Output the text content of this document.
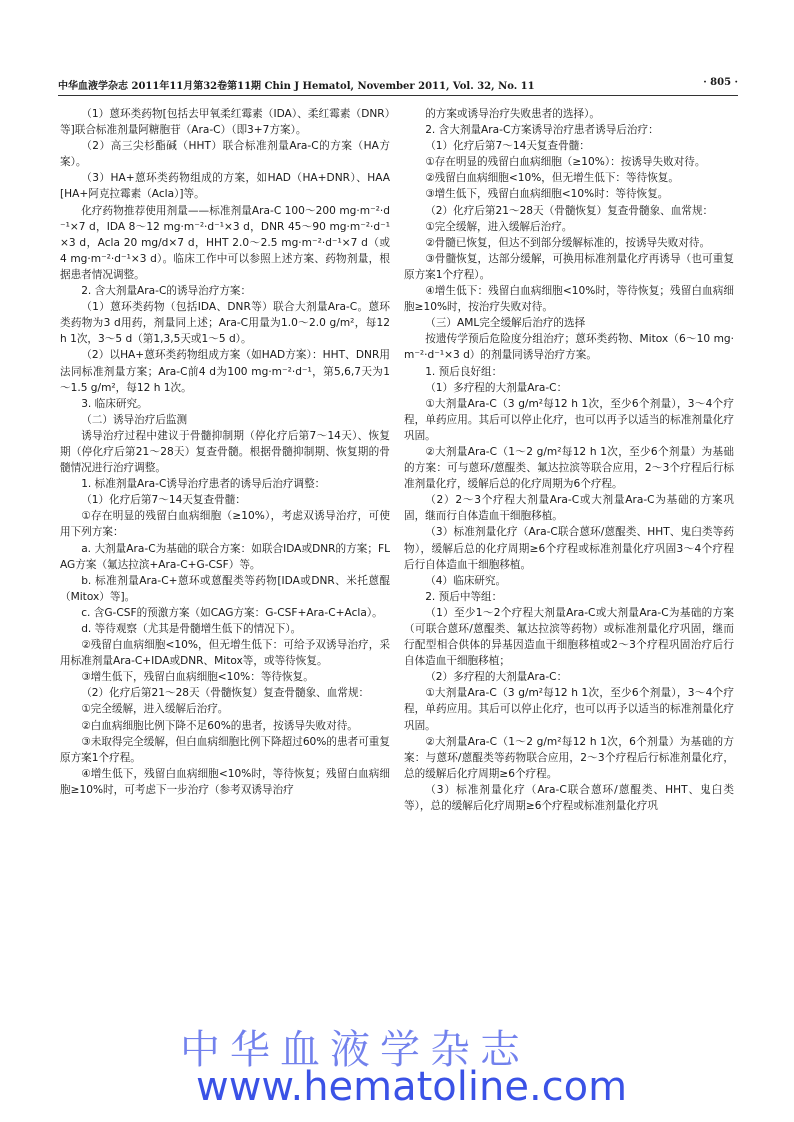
中华血液学杂志 2011年11月第32卷第11期 Chin J Hematol, November 2011, Vol. 32, No. 11	· 805 ·

（1）蒽环类药物[包括去甲氧柔红霉素（IDA）、柔红霉素（DNR）等]联合标准剂量阿糖胞苷（Ara-C）（即3+7方案）。

（2）高三尖杉酯碱（HHT）联合标准剂量Ara-C的方案（HA方案）。

（3）HA+蒽环类药物组成的方案，如HAD（HA+DNR）、HAA[HA+阿克拉霉素（Acla）]等。

化疗药物推荐使用剂量——标准剂量Ara-C 100～200 mg·m⁻²·d⁻¹×7 d，IDA 8～12 mg·m⁻²·d⁻¹×3 d，DNR 45～90 mg·m⁻²·d⁻¹×3 d，Acla 20 mg/d×7 d，HHT 2.0～2.5 mg·m⁻²·d⁻¹×7 d（或4 mg·m⁻²·d⁻¹×3 d）。临床工作中可以参照上述方案、药物剂量，根据患者情况调整。

2. 含大剂量Ara-C的诱导治疗方案：

（1）蒽环类药物（包括IDA、DNR等）联合大剂量Ara-C。蒽环类药物为3 d用药，剂量同上述；Ara-C用量为1.0～2.0 g/m²，每12 h 1次，3～5 d（第1,3,5天或1～5 d）。

（2）以HA+蒽环类药物组成方案（如HAD方案）：HHT、DNR用法同标准剂量方案；Ara-C前4 d为100 mg·m⁻²·d⁻¹，第5,6,7天为1～1.5 g/m²，每12 h 1次。

3. 临床研究。

（二）诱导治疗后监测

诱导治疗过程中建议于骨髓抑制期（停化疗后第7～14天）、恢复期（停化疗后第21～28天）复查骨髓。根据骨髓抑制期、恢复期的骨髓情况进行治疗调整。

1. 标准剂量Ara-C诱导治疗患者的诱导后治疗调整：

（1）化疗后第7～14天复查骨髓：

①存在明显的残留白血病细胞（≥10%），考虑双诱导治疗，可使用下列方案：

a. 大剂量Ara-C为基础的联合方案：如联合IDA或DNR的方案；FLAG方案（氟达拉滨+Ara-C+G-CSF）等。

b. 标准剂量Ara-C+蒽环或蒽醌类等药物[IDA或DNR、米托蒽醌（Mitox）等]。

c. 含G-CSF的预激方案（如CAG方案：G-CSF+Ara-C+Acla）。

d. 等待观察（尤其是骨髓增生低下的情况下）。

②残留白血病细胞<10%，但无增生低下：可给予双诱导治疗，采用标准剂量Ara-C+IDA或DNR、Mitox等，或等待恢复。

③增生低下，残留白血病细胞<10%：等待恢复。

（2）化疗后第21～28天（骨髓恢复）复查骨髓象、血常规：

①完全缓解，进入缓解后治疗。

②白血病细胞比例下降不足60%的患者，按诱导失败对待。

③未取得完全缓解，但白血病细胞比例下降超过60%的患者可重复原方案1个疗程。

④增生低下，残留白血病细胞<10%时，等待恢复；残留白血病细胞≥10%时，可考虑下一步治疗（参考双诱导治疗

的方案或诱导治疗失败患者的选择）。

2. 含大剂量Ara-C方案诱导治疗患者诱导后治疗：

（1）化疗后第7～14天复查骨髓：

①存在明显的残留白血病细胞（≥10%）：按诱导失败对待。

②残留白血病细胞<10%，但无增生低下：等待恢复。

③增生低下，残留白血病细胞<10%时：等待恢复。

（2）化疗后第21～28天（骨髓恢复）复查骨髓象、血常规：

①完全缓解，进入缓解后治疗。

②骨髓已恢复，但达不到部分缓解标准的，按诱导失败对待。

③骨髓恢复，达部分缓解，可换用标准剂量化疗再诱导（也可重复原方案1个疗程）。

④增生低下：残留白血病细胞<10%时，等待恢复；残留白血病细胞≥10%时，按治疗失败对待。

（三）AML完全缓解后治疗的选择

按遗传学预后危险度分组治疗；蒽环类药物、Mitox（6～10 mg·m⁻²·d⁻¹×3 d）的剂量同诱导治疗方案。

1. 预后良好组：

（1）多疗程的大剂量Ara-C：

①大剂量Ara-C（3 g/m²每12 h 1次，至少6个剂量），3～4个疗程，单药应用。其后可以停止化疗，也可以再予以适当的标准剂量化疗巩固。

②大剂量Ara-C（1～2 g/m²每12 h 1次，至少6个剂量）为基础的方案：可与蒽环/蒽醌类、氟达拉滨等联合应用，2～3个疗程后行标准剂量化疗，缓解后总的化疗周期为6个疗程。

（2）2～3个疗程大剂量Ara-C或大剂量Ara-C为基础的方案巩固，继而行自体造血干细胞移植。

（3）标准剂量化疗（Ara-C联合蒽环/蒽醌类、HHT、鬼臼类等药物），缓解后总的化疗周期≥6个疗程或标准剂量化疗巩固3～4个疗程后行自体造血干细胞移植。

（4）临床研究。

2. 预后中等组：

（1）至少1～2个疗程大剂量Ara-C或大剂量Ara-C为基础的方案（可联合蒽环/蒽醌类、氟达拉滨等药物）或标准剂量化疗巩固，继而行配型相合供体的异基因造血干细胞移植或2～3个疗程巩固治疗后行自体造血干细胞移植；

（2）多疗程的大剂量Ara-C：

①大剂量Ara-C（3 g/m²每12 h 1次，至少6个剂量），3～4个疗程，单药应用。其后可以停止化疗，也可以再予以适当的标准剂量化疗巩固。

②大剂量Ara-C（1～2 g/m²每12 h 1次，6个剂量）为基础的方案：与蒽环/蒽醌类等药物联合应用，2～3个疗程后行标准剂量化疗，总的缓解后化疗周期≥6个疗程。

（3）标准剂量化疗（Ara-C联合蒽环/蒽醌类、HHT、鬼臼类等），总的缓解后化疗周期≥6个疗程或标准剂量化疗巩

中华血液学杂志
www.hematoline.com
